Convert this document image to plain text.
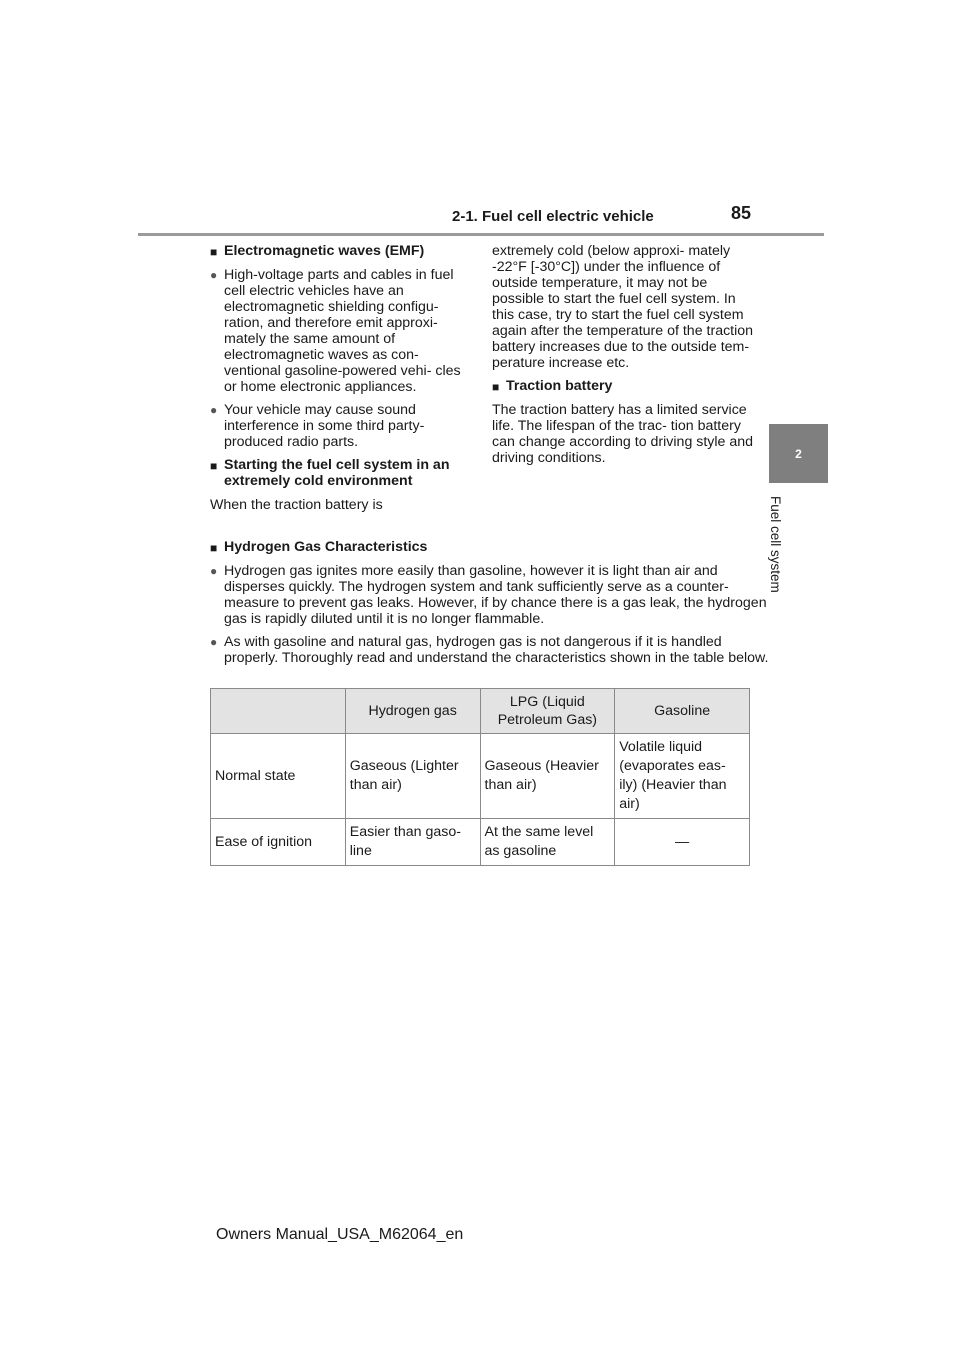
2-1. Fuel cell electric vehicle	85
2
Fuel cell system
■ Electromagnetic waves (EMF)
● High-voltage parts and cables in fuel cell electric vehicles have an electromagnetic shielding configu- ration, and therefore emit approxi- mately the same amount of electromagnetic waves as con- ventional gasoline-powered vehi- cles or home electronic appliances.
● Your vehicle may cause sound interference in some third party- produced radio parts.
■ Starting the fuel cell system in an extremely cold environment

When the traction battery is

extremely cold (below approxi- mately -22°F [-30°C]) under the influence of outside temperature, it may not be possible to start the fuel cell system. In this case, try to start the fuel cell system again after the temperature of the traction battery increases due to the outside tem- perature increase etc.

■ Traction battery

The traction battery has a limited service life. The lifespan of the trac- tion battery can change according to driving style and driving conditions.

■ Hydrogen Gas Characteristics
● Hydrogen gas ignites more easily than gasoline, however it is light than air and disperses quickly. The hydrogen system and tank sufficiently serve as a counter-measure to prevent gas leaks. However, if by chance there is a gas leak, the hydrogen gas is rapidly diluted until it is no longer flammable.
● As with gasoline and natural gas, hydrogen gas is not dangerous if it is handled properly. Thoroughly read and understand the characteristics shown in the table below.
	Hydrogen gas	LPG (Liquid Petroleum Gas)	Gasoline
Normal state	Gaseous (Lighter than air)	Gaseous (Heavier than air)	Volatile liquid (evaporates eas- ily) (Heavier than air)
Ease of ignition	Easier than gaso- line	At the same level as gasoline	—
Owners Manual_USA_M62064_en
